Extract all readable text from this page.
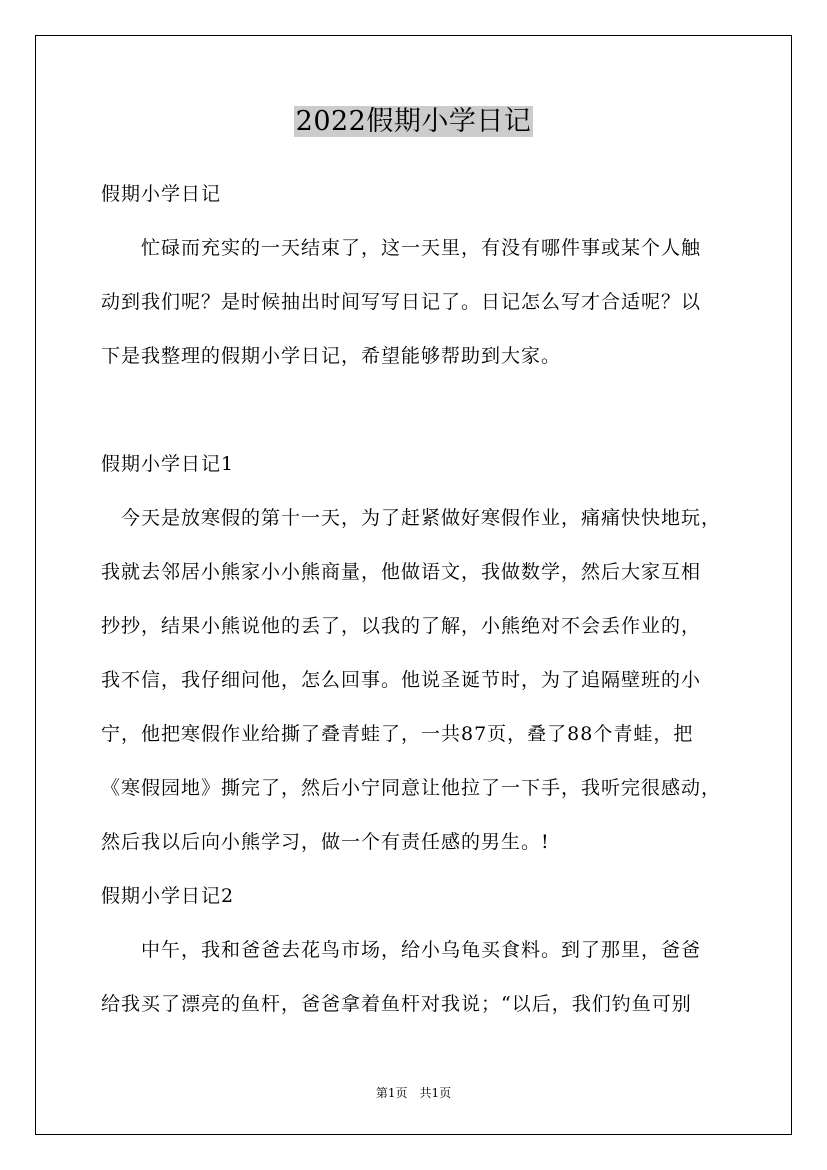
2022假期小学日记
假期小学日记
　　忙碌而充实的一天结束了，这一天里，有没有哪件事或某个人触
动到我们呢？是时候抽出时间写写日记了。日记怎么写才合适呢？以
下是我整理的假期小学日记，希望能够帮助到大家。
假期小学日记1
　今天是放寒假的第十一天，为了赶紧做好寒假作业，痛痛快快地玩，
我就去邻居小熊家小小熊商量，他做语文，我做数学，然后大家互相
抄抄，结果小熊说他的丢了，以我的了解，小熊绝对不会丢作业的，
我不信，我仔细问他，怎么回事。他说圣诞节时，为了追隔壁班的小
宁，他把寒假作业给撕了叠青蛙了，一共87页，叠了88个青蛙，把
《寒假园地》撕完了，然后小宁同意让他拉了一下手，我听完很感动，
然后我以后向小熊学习，做一个有责任感的男生。!
假期小学日记2
　　中午，我和爸爸去花鸟市场，给小乌龟买食料。到了那里，爸爸
给我买了漂亮的鱼杆，爸爸拿着鱼杆对我说；“以后，我们钓鱼可别
第1页　共1页
